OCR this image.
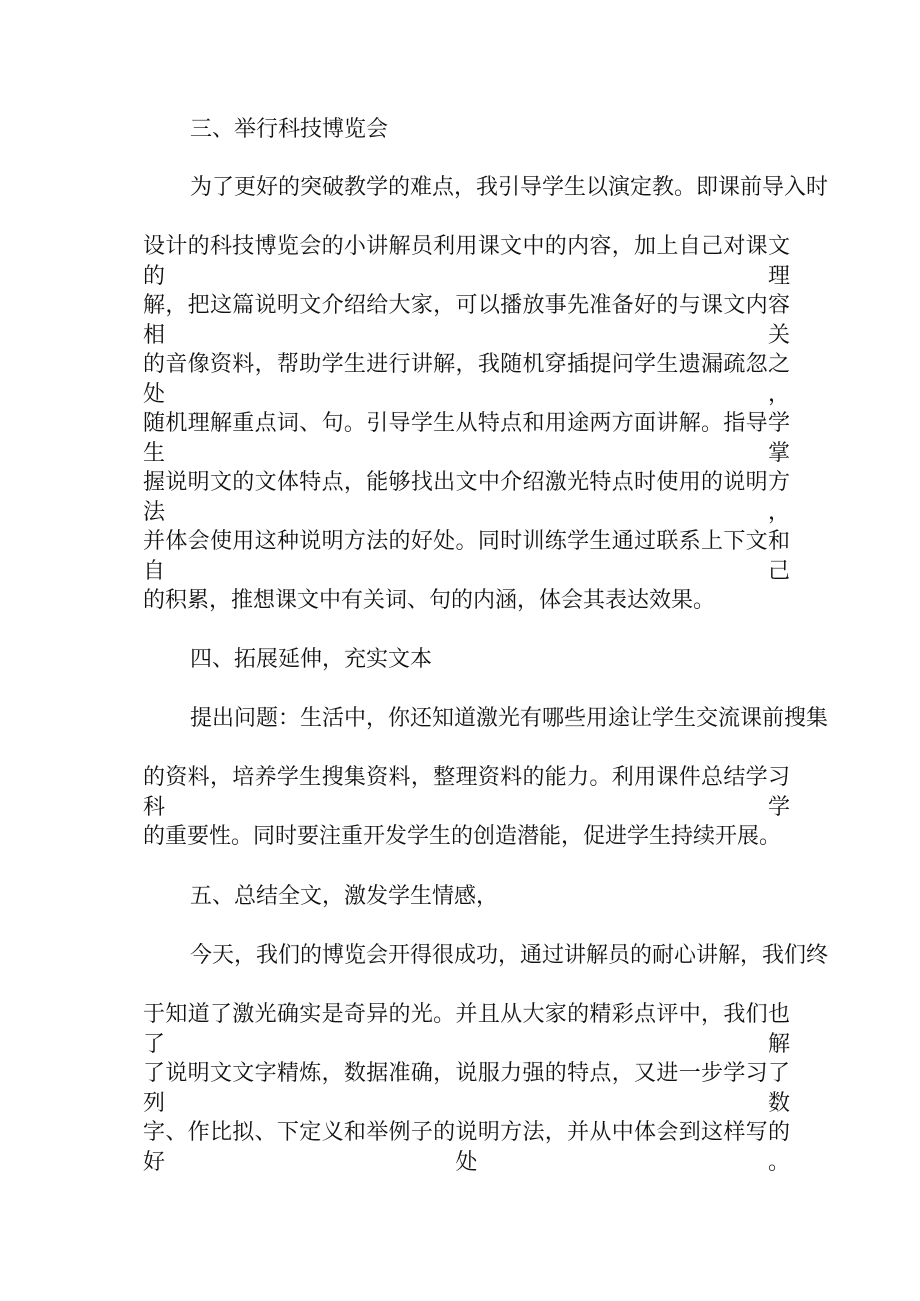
三、举行科技博览会

为了更好的突破教学的难点，我引导学生以演定教。即课前导入时

设计的科技博览会的小讲解员利用课文中的内容，加上自己对课文的理

解，把这篇说明文介绍给大家，可以播放事先准备好的与课文内容相关

的音像资料，帮助学生进行讲解，我随机穿插提问学生遗漏疏忽之处，

随机理解重点词、句。引导学生从特点和用途两方面讲解。指导学生掌

握说明文的文体特点，能够找出文中介绍激光特点时使用的说明方法，

并体会使用这种说明方法的好处。同时训练学生通过联系上下文和自己

的积累，推想课文中有关词、句的内涵，体会其表达效果。

四、拓展延伸，充实文本

提出问题：生活中，你还知道激光有哪些用途让学生交流课前搜集

的资料，培养学生搜集资料，整理资料的能力。利用课件总结学习科学

的重要性。同时要注重开发学生的创造潜能，促进学生持续开展。

五、总结全文，激发学生情感，

今天，我们的博览会开得很成功，通过讲解员的耐心讲解，我们终

于知道了激光确实是奇异的光。并且从大家的精彩点评中，我们也了解

了说明文文字精炼，数据准确，说服力强的特点，又进一步学习了列数

字、作比拟、下定义和举例子的说明方法，并从中体会到这样写的好处。
